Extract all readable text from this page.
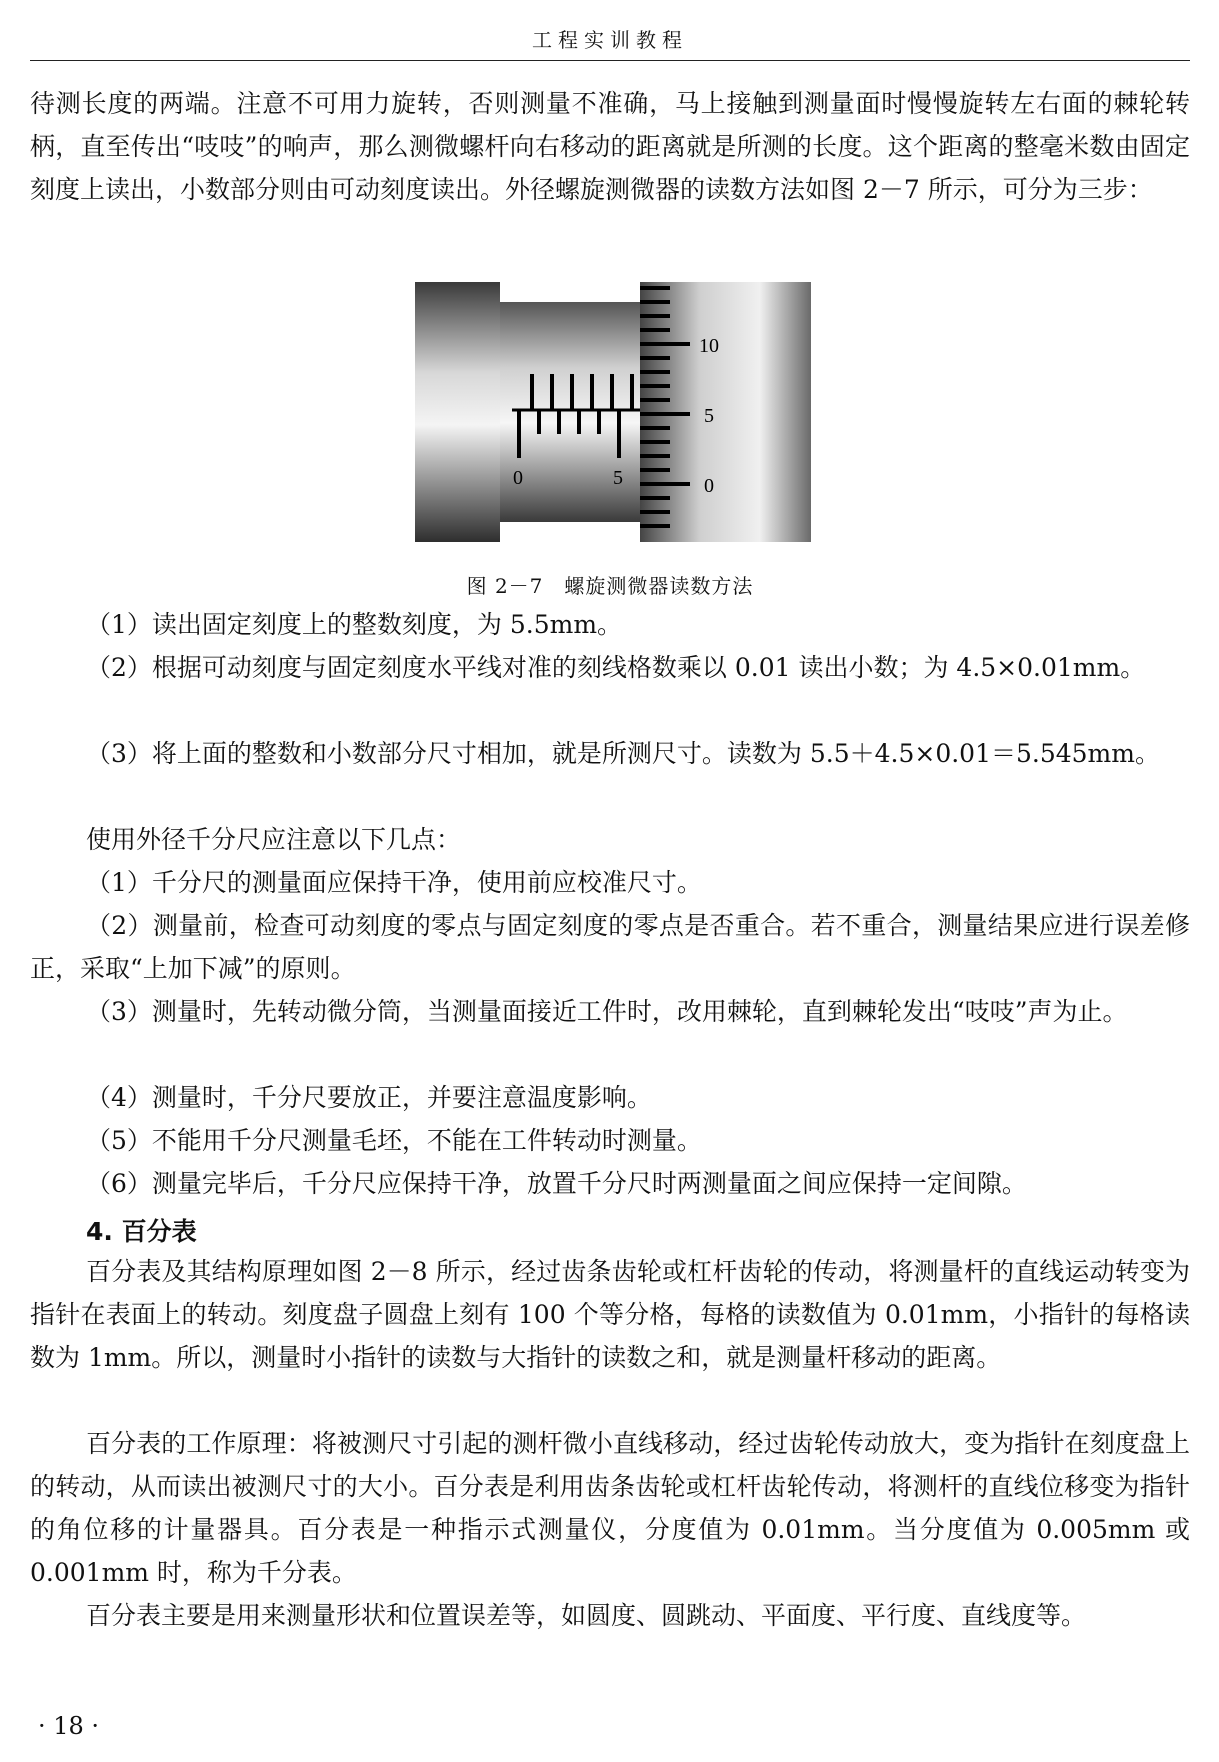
工程实训教程

待测长度的两端。注意不可用力旋转，否则测量不准确，马上接触到测量面时慢慢旋转左右面的棘轮转柄，直至传出“吱吱”的响声，那么测微螺杆向右移动的距离就是所测的长度。这个距离的整毫米数由固定刻度上读出，小数部分则由可动刻度读出。外径螺旋测微器的读数方法如图 2－7 所示，可分为三步：

0	5
10
5
0
图 2－7　螺旋测微器读数方法

（1）读出固定刻度上的整数刻度，为 5.5mm。

（2）根据可动刻度与固定刻度水平线对准的刻线格数乘以 0.01 读出小数；为 4.5×0.01mm。

（3）将上面的整数和小数部分尺寸相加，就是所测尺寸。读数为 5.5＋4.5×0.01＝5.545mm。

使用外径千分尺应注意以下几点：

（1）千分尺的测量面应保持干净，使用前应校准尺寸。

（2）测量前，检查可动刻度的零点与固定刻度的零点是否重合。若不重合，测量结果应进行误差修正，采取“上加下减”的原则。

（3）测量时，先转动微分筒，当测量面接近工件时，改用棘轮，直到棘轮发出“吱吱”声为止。

（4）测量时，千分尺要放正，并要注意温度影响。

（5）不能用千分尺测量毛坯，不能在工件转动时测量。

（6）测量完毕后，千分尺应保持干净，放置千分尺时两测量面之间应保持一定间隙。

4. 百分表

百分表及其结构原理如图 2－8 所示，经过齿条齿轮或杠杆齿轮的传动，将测量杆的直线运动转变为指针在表面上的转动。刻度盘子圆盘上刻有 100 个等分格，每格的读数值为 0.01mm，小指针的每格读数为 1mm。所以，测量时小指针的读数与大指针的读数之和，就是测量杆移动的距离。

百分表的工作原理：将被测尺寸引起的测杆微小直线移动，经过齿轮传动放大，变为指针在刻度盘上的转动，从而读出被测尺寸的大小。百分表是利用齿条齿轮或杠杆齿轮传动，将测杆的直线位移变为指针的角位移的计量器具。百分表是一种指示式测量仪，分度值为 0.01mm。当分度值为 0.005mm 或 0.001mm 时，称为千分表。

百分表主要是用来测量形状和位置误差等，如圆度、圆跳动、平面度、平行度、直线度等。

· 18 ·
